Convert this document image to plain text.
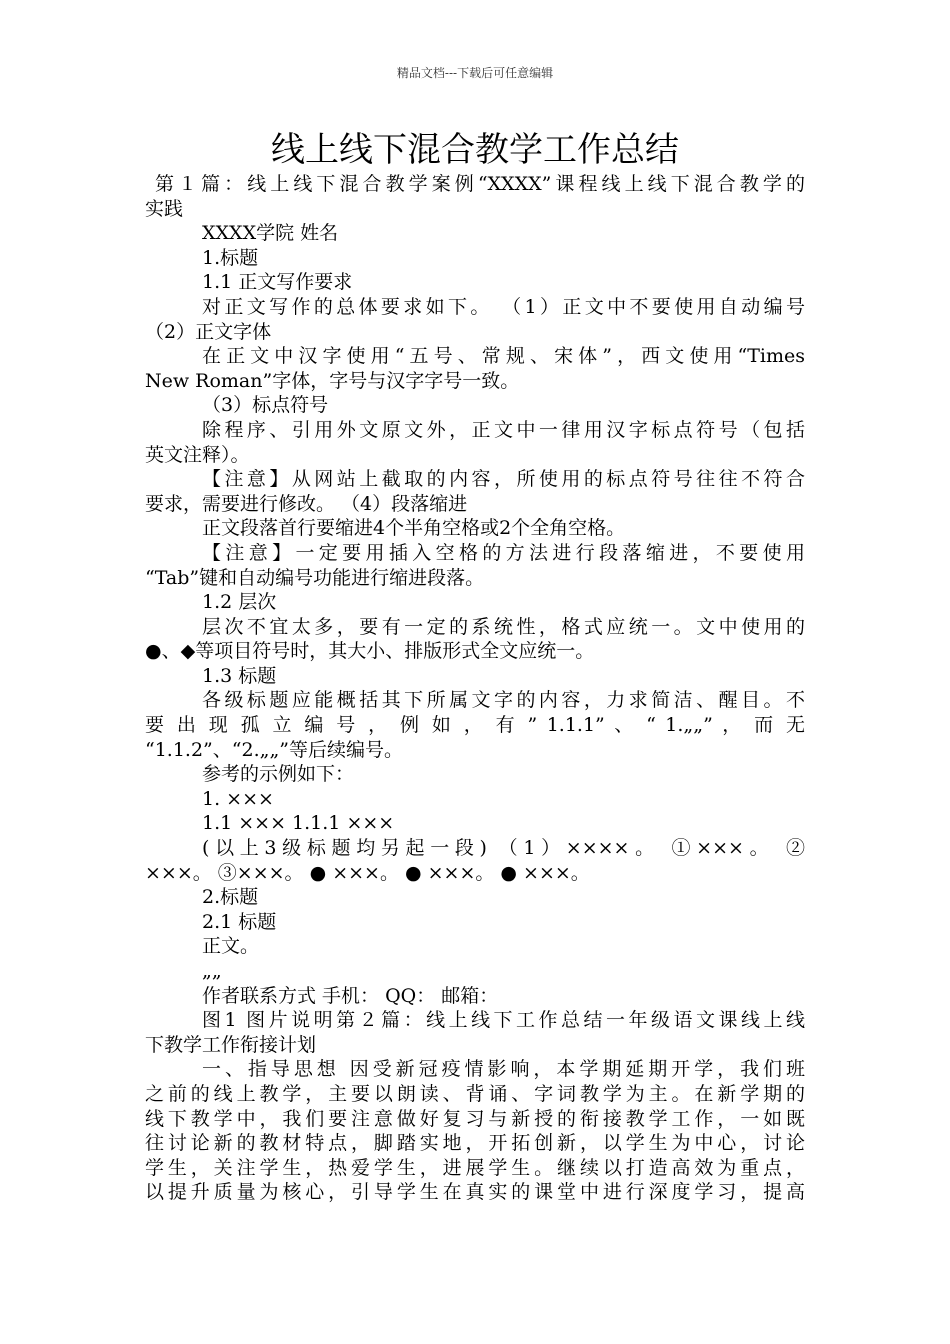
精品文档---下载后可任意编辑
线上线下混合教学工作总结

第１篇：线上线下混合教学案例“XXXX”课程线上线下混合教学的

实践

XXXX学院 姓名

1.标题

1.1 正文写作要求

对正文写作的总体要求如下。 （1）正文中不要使用自动编号

（2）正文字体

在正文中汉字使用“五号、常规、宋体”，西文使用“Times

New Roman”字体，字号与汉字字号一致。

（3）标点符号

除程序、引用外文原文外，正文中一律用汉字标点符号（包括

英文注释）。

【注意】从网站上截取的内容，所使用的标点符号往往不符合

要求，需要进行修改。 （4）段落缩进

正文段落首行要缩进4个半角空格或2个全角空格。

【注意】一定要用插入空格的方法进行段落缩进，不要使用

“Tab”键和自动编号功能进行缩进段落。

1.2 层次

层次不宜太多，要有一定的系统性，格式应统一。文中使用的

●、◆等项目符号时，其大小、排版形式全文应统一。

1.3 标题

各级标题应能概括其下所属文字的内容，力求简洁、醒目。不

要 出 现 孤 立 编 号 ， 例 如 ， 有 ” 1.1.1” 、 “ 1.„„” ， 而 无

“1.1.2”、“2.„„”等后续编号。

参考的示例如下：

1. ×××

1.1 ××× 1.1.1 ×××

(以上3级标题均另起一段) （1）××××。 ①×××。 ②

×××。 ③×××。 ● ×××。 ● ×××。 ● ×××。

2.标题

2.1 标题

正文。

„„

作者联系方式 手机： QQ： 邮箱：

图1 图片说明第２篇：线上线下工作总结一年级语文课线上线

下教学工作衔接计划

一、指导思想 因受新冠疫情影响，本学期延期开学，我们班

之前的线上教学，主要以朗读、背诵、字词教学为主。在新学期的

线下教学中，我们要注意做好复习与新授的衔接教学工作，一如既

往讨论新的教材特点，脚踏实地，开拓创新，以学生为中心，讨论

学生，关注学生，热爱学生，进展学生。继续以打造高效为重点，

以提升质量为核心，引导学生在真实的课堂中进行深度学习，提高
